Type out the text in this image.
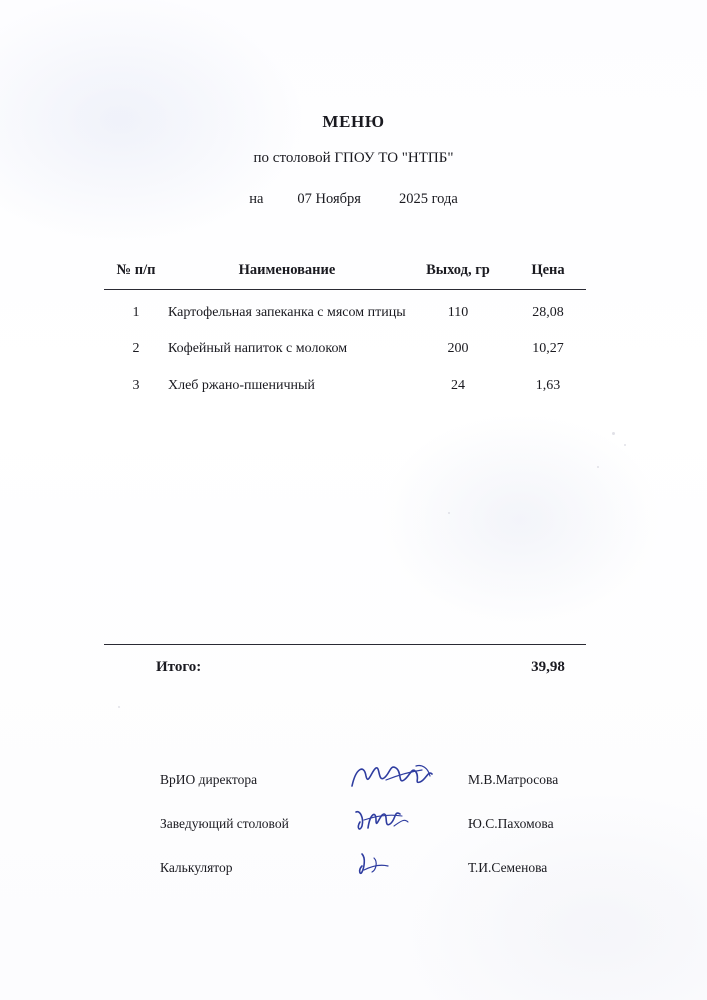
МЕНЮ
по столовой ГПОУ ТО "НТПБ"
на 07 Ноября	2025 года
№ п/п	Наименование	Выход, гр	Цена
1	Картофельная запеканка с мясом птицы	110	28,08
2	Кофейный напиток с молоком	200	10,27
3	Хлеб ржано-пшеничный	24	1,63
Итого:	39,98
ВрИО директора	М.В.Матросова
Заведующий столовой	Ю.С.Пахомова
Калькулятор	Т.И.Семенова
